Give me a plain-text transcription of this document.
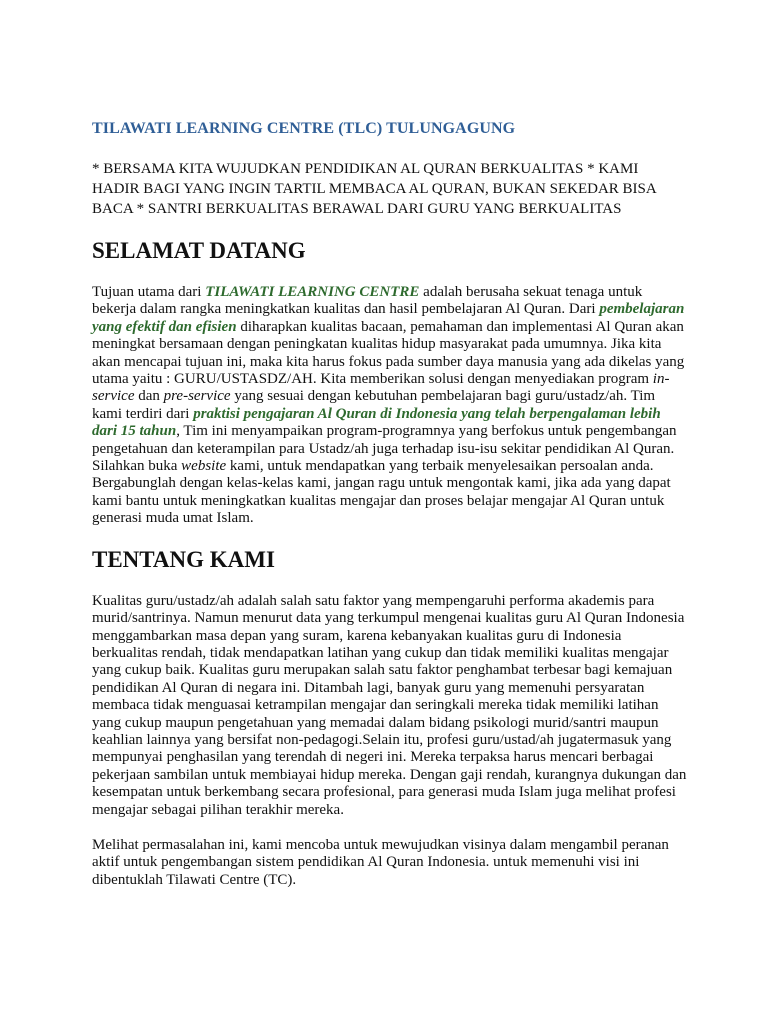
TILAWATI LEARNING CENTRE (TLC) TULUNGAGUNG
* BERSAMA KITA WUJUDKAN PENDIDIKAN AL QURAN BERKUALITAS * KAMI HADIR BAGI YANG INGIN TARTIL MEMBACA AL QURAN, BUKAN SEKEDAR BISA BACA * SANTRI BERKUALITAS BERAWAL DARI GURU YANG BERKUALITAS
SELAMAT DATANG

Tujuan utama dari TILAWATI LEARNING CENTRE adalah berusaha sekuat tenaga untuk bekerja dalam rangka meningkatkan kualitas dan hasil pembelajaran Al Quran. Dari pembelajaran yang efektif dan efisien diharapkan kualitas bacaan, pemahaman dan implementasi Al Quran akan meningkat bersamaan dengan peningkatan kualitas hidup masyarakat pada umumnya. Jika kita akan mencapai tujuan ini, maka kita harus fokus pada sumber daya manusia yang ada dikelas yang utama yaitu : GURU/USTASDZ/AH. Kita memberikan solusi dengan menyediakan program in-service dan pre-service yang sesuai dengan kebutuhan pembelajaran bagi guru/ustadz/ah. Tim kami terdiri dari praktisi pengajaran Al Quran di Indonesia yang telah berpengalaman lebih dari 15 tahun, Tim ini menyampaikan program-programnya yang berfokus untuk pengembangan pengetahuan dan keterampilan para Ustadz/ah juga terhadap isu-isu sekitar pendidikan Al Quran. Silahkan buka website kami, untuk mendapatkan yang terbaik menyelesaikan persoalan anda. Bergabunglah dengan kelas-kelas kami, jangan ragu untuk mengontak kami, jika ada yang dapat kami bantu untuk meningkatkan kualitas mengajar dan proses belajar mengajar Al Quran untuk generasi muda umat Islam.

TENTANG KAMI

Kualitas guru/ustadz/ah adalah salah satu faktor yang mempengaruhi performa akademis para murid/santrinya. Namun menurut data yang terkumpul mengenai kualitas guru Al Quran Indonesia menggambarkan masa depan yang suram, karena kebanyakan kualitas guru di Indonesia berkualitas rendah, tidak mendapatkan latihan yang cukup dan tidak memiliki kualitas mengajar yang cukup baik. Kualitas guru merupakan salah satu faktor penghambat terbesar bagi kemajuan pendidikan Al Quran di negara ini. Ditambah lagi, banyak guru yang memenuhi persyaratan membaca tidak menguasai ketrampilan mengajar dan seringkali mereka tidak memiliki latihan yang cukup maupun pengetahuan yang memadai dalam bidang psikologi murid/santri maupun keahlian lainnya yang bersifat non-pedagogi.Selain itu, profesi guru/ustad/ah jugatermasuk yang mempunyai penghasilan yang terendah di negeri ini. Mereka terpaksa harus mencari berbagai pekerjaan sambilan untuk membiayai hidup mereka. Dengan gaji rendah, kurangnya dukungan dan kesempatan untuk berkembang secara profesional, para generasi muda Islam juga melihat profesi mengajar sebagai pilihan terakhir mereka.

Melihat permasalahan ini, kami mencoba untuk mewujudkan visinya dalam mengambil peranan aktif untuk pengembangan sistem pendidikan Al Quran Indonesia. untuk memenuhi visi ini dibentuklah Tilawati Centre (TC).
